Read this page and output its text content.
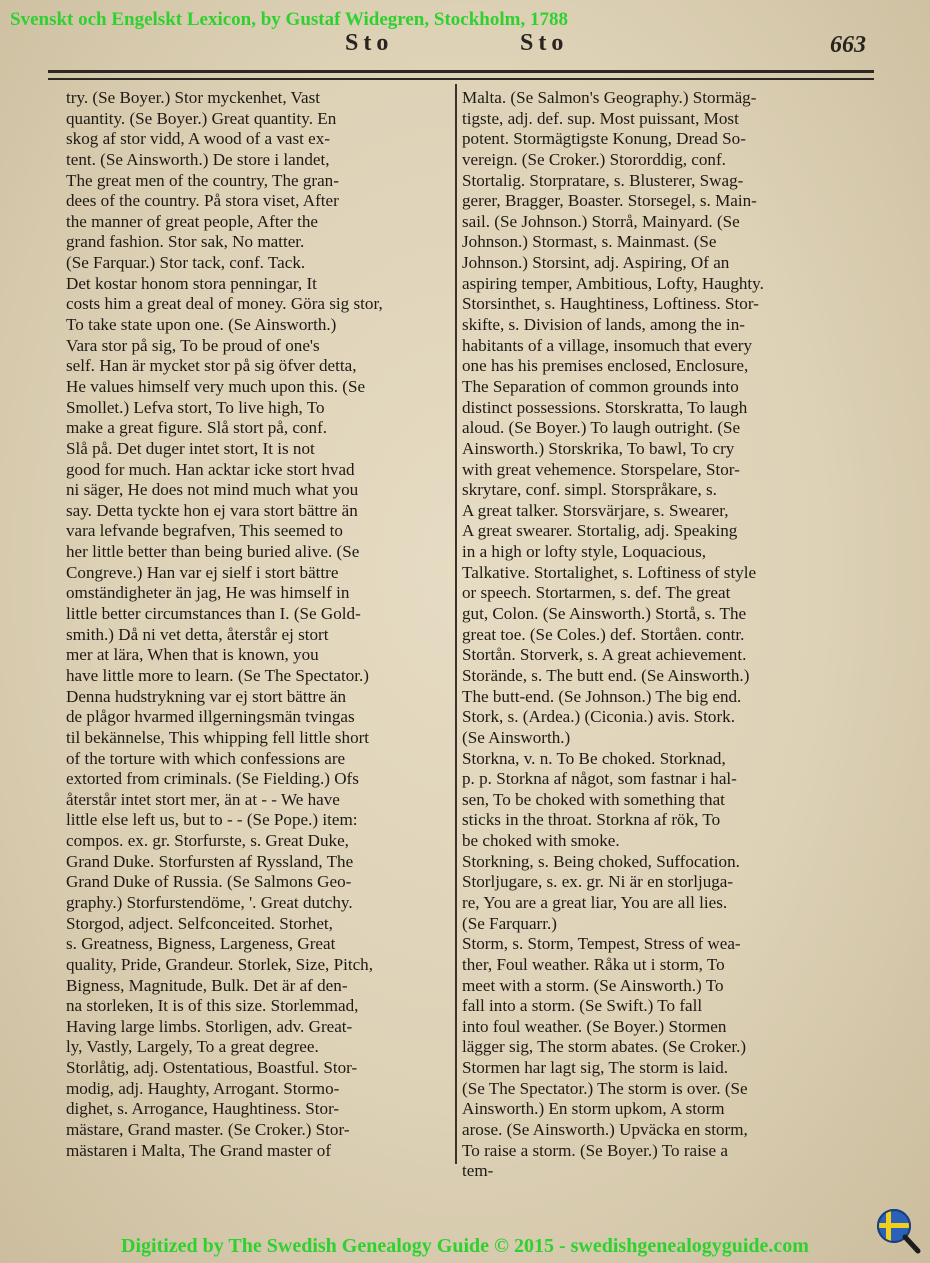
Svenskt och Engelskt Lexicon, by Gustaf Widegren, Stockholm, 1788
Sto	Sto	663
try. (Se Boyer.) Stor myckenhet, Vast
quantity. (Se Boyer.) Great quantity. En
skog af stor vidd, A wood of a vast ex-
tent. (Se Ainsworth.) De store i landet,
The great men of the country, The gran-
dees of the country. På stora viset, After
the manner of great people, After the
grand fashion. Stor sak, No matter.
(Se Farquar.) Stor tack, conf. Tack.
Det kostar honom stora penningar, It
costs him a great deal of money. Göra sig stor,
To take state upon one. (Se Ainsworth.)
Vara stor på sig, To be proud of one's
self. Han är mycket stor på sig öfver detta,
He values himself very much upon this. (Se
Smollet.) Lefva stort, To live high, To
make a great figure. Slå stort på, conf.
Slå på. Det duger intet stort, It is not
good for much. Han acktar icke stort hvad
ni säger, He does not mind much what you
say. Detta tyckte hon ej vara stort bättre än
vara lefvande begrafven, This seemed to
her little better than being buried alive. (Se
Congreve.) Han var ej sielf i stort bättre
omständigheter än jag, He was himself in
little better circumstances than I. (Se Gold-
smith.) Då ni vet detta, återstår ej stort
mer at lära, When that is known, you
have little more to learn. (Se The Spectator.)
Denna hudstrykning var ej stort bättre än
de plågor hvarmed illgerningsmän tvingas
til bekännelse, This whipping fell little short
of the torture with which confessions are
extorted from criminals. (Se Fielding.) Ofs
återstår intet stort mer, än at - - We have
little else left us, but to - - (Se Pope.) item:
compos. ex. gr. Storfurste, s. Great Duke,
Grand Duke. Storfursten af Ryssland, The
Grand Duke of Russia. (Se Salmons Geo-
graphy.) Storfurstendöme, '. Great dutchy.
Storgod, adject. Selfconceited. Storhet,
s. Greatness, Bigness, Largeness, Great
quality, Pride, Grandeur. Storlek, Size, Pitch,
Bigness, Magnitude, Bulk. Det är af den-
na storleken, It is of this size. Storlemmad,
Having large limbs. Storligen, adv. Great-
ly, Vastly, Largely, To a great degree.
Storlåtig, adj. Ostentatious, Boastful. Stor-
modig, adj. Haughty, Arrogant. Stormo-
dighet, s. Arrogance, Haughtiness. Stor-
mästare, Grand master. (Se Croker.) Stor-
mästaren i Malta, The Grand master of
Malta. (Se Salmon's Geography.) Stormäg-
tigste, adj. def. sup. Most puissant, Most
potent. Stormägtigste Konung, Dread So-
vereign. (Se Croker.) Stororddig, conf.
Stortalig. Storpratare, s. Blusterer, Swag-
gerer, Bragger, Boaster. Storsegel, s. Main-
sail. (Se Johnson.) Storrå, Mainyard. (Se
Johnson.) Stormast, s. Mainmast. (Se
Johnson.) Storsint, adj. Aspiring, Of an
aspiring temper, Ambitious, Lofty, Haughty.
Storsinthet, s. Haughtiness, Loftiness. Stor-
skifte, s. Division of lands, among the in-
habitants of a village, insomuch that every
one has his premises enclosed, Enclosure,
The Separation of common grounds into
distinct possessions. Storskratta, To laugh
aloud. (Se Boyer.) To laugh outright. (Se
Ainsworth.) Storskrika, To bawl, To cry
with great vehemence. Storspelare, Stor-
skrytare, conf. simpl. Storspråkare, s.
A great talker. Storsvärjare, s. Swearer,
A great swearer. Stortalig, adj. Speaking
in a high or lofty style, Loquacious,
Talkative. Stortalighet, s. Loftiness of style
or speech. Stortarmen, s. def. The great
gut, Colon. (Se Ainsworth.) Stortå, s. The
great toe. (Se Coles.) def. Stortåen. contr.
Stortån. Storverk, s. A great achievement.
Storände, s. The butt end. (Se Ainsworth.)
The butt-end. (Se Johnson.) The big end.
Stork, s. (Ardea.) (Ciconia.) avis. Stork.
(Se Ainsworth.)
Storkna, v. n. To Be choked. Storknad,
p. p. Storkna af något, som fastnar i hal-
sen, To be choked with something that
sticks in the throat. Storkna af rök, To
be choked with smoke.
Storkning, s. Being choked, Suffocation.
Storljugare, s. ex. gr. Ni är en storljuga-
re, You are a great liar, You are all lies.
(Se Farquarr.)
Storm, s. Storm, Tempest, Stress of wea-
ther, Foul weather. Råka ut i storm, To
meet with a storm. (Se Ainsworth.) To
fall into a storm. (Se Swift.) To fall
into foul weather. (Se Boyer.) Stormen
lägger sig, The storm abates. (Se Croker.)
Stormen har lagt sig, The storm is laid.
(Se The Spectator.) The storm is over. (Se
Ainsworth.) En storm upkom, A storm
arose. (Se Ainsworth.) Upväcka en storm,
To raise a storm. (Se Boyer.) To raise a
tem-
Digitized by The Swedish Genealogy Guide © 2015 - swedishgenealogyguide.com
